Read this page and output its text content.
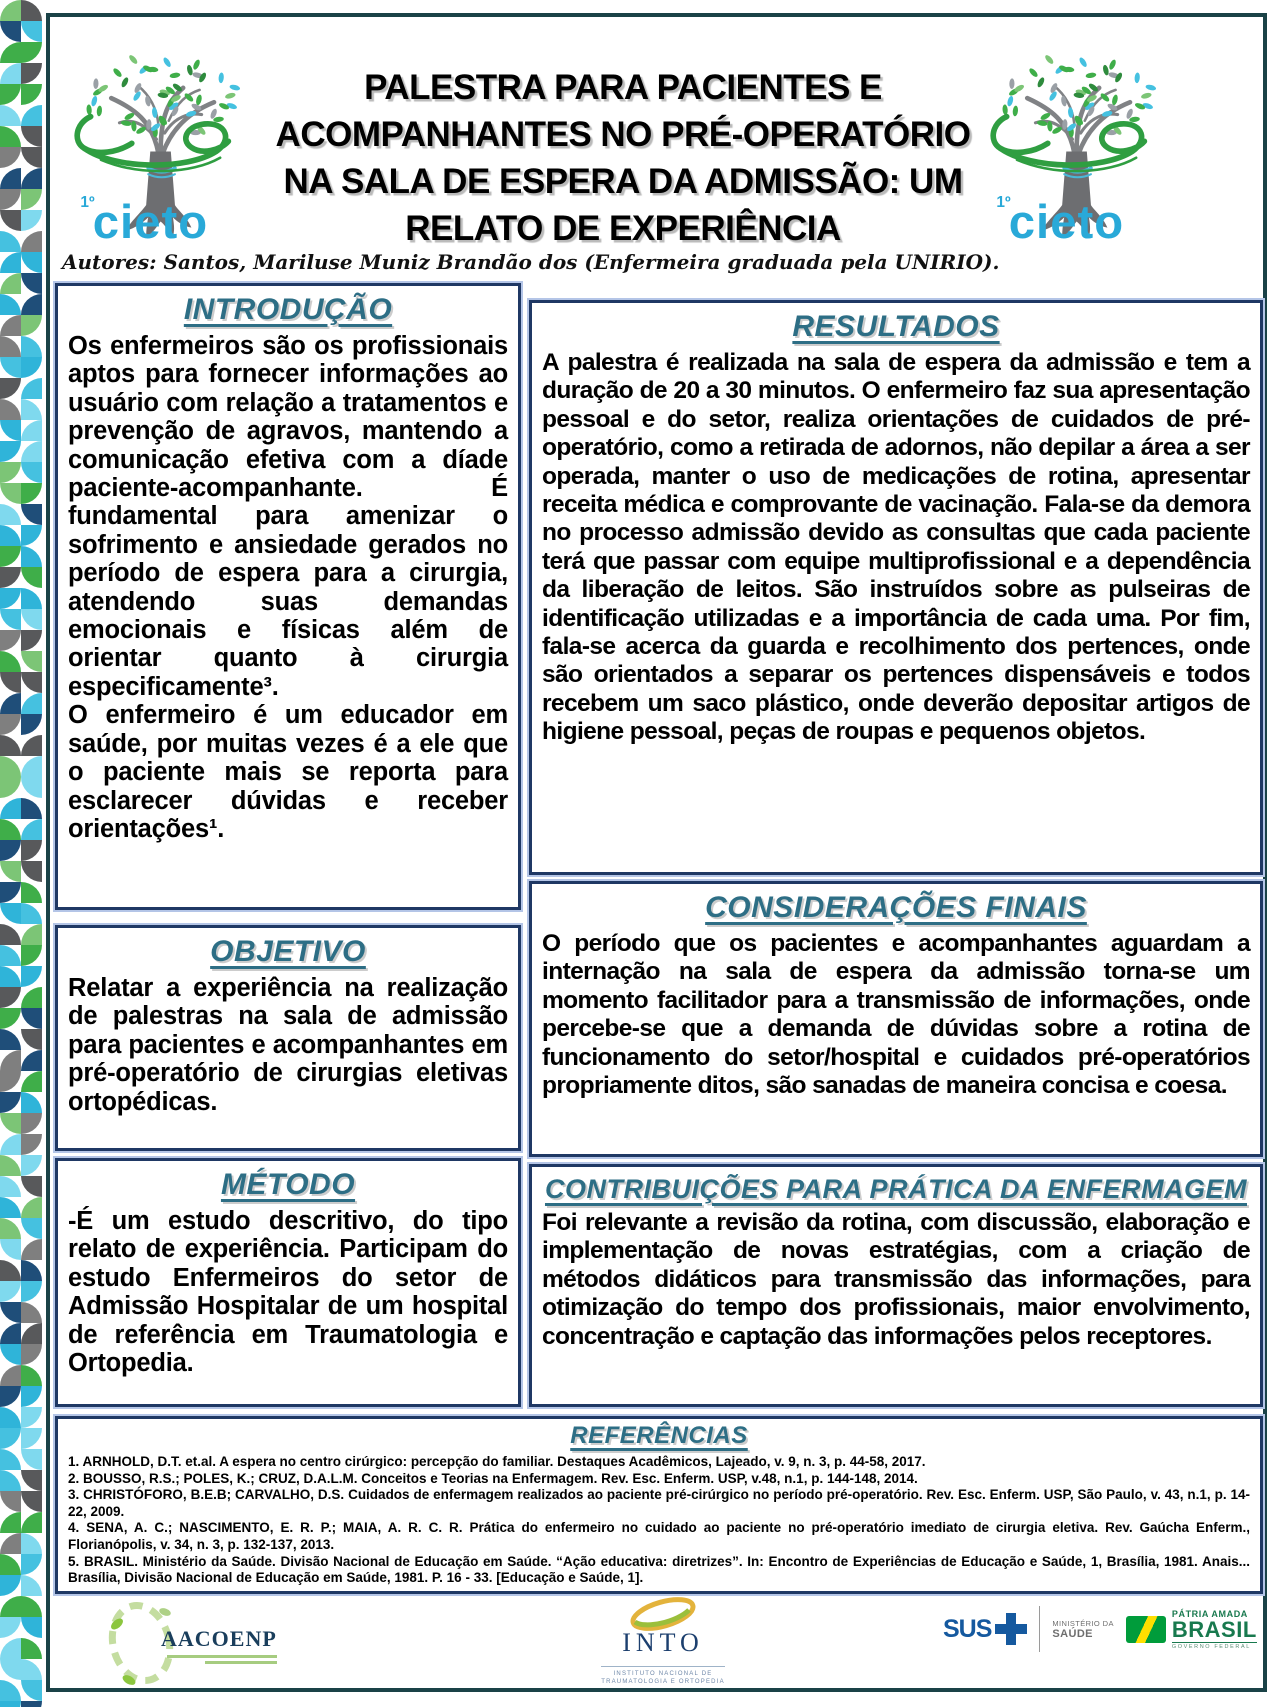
PALESTRA PARA PACIENTES E
ACOMPANHANTES NO PRÉ-OPERATÓRIO
NA SALA DE ESPERA DA ADMISSÃO: UM
RELATO DE EXPERIÊNCIA
Autores: Santos, Mariluse Muniz Brandão dos (Enfermeira graduada pela UNIRIO).
INTRODUÇÃO

Os enfermeiros são os profissionais aptos para fornecer informações ao usuário com relação a tratamentos e prevenção de agravos, mantendo a comunicação efetiva com a díade paciente-acompanhante. É fundamental para amenizar o sofrimento e ansiedade gerados no período de espera para a cirurgia, atendendo suas demandas emocionais e físicas além de orientar quanto à cirurgia especificamente³.

O enfermeiro é um educador em saúde, por muitas vezes é a ele que o paciente mais se reporta para esclarecer dúvidas e receber orientações¹.

OBJETIVO

Relatar a experiência na realização de palestras na sala de admissão para pacientes e acompanhantes em pré-operatório de cirurgias eletivas ortopédicas.

MÉTODO

-É um estudo descritivo, do tipo relato de experiência. Participam do estudo Enfermeiros do setor de Admissão Hospitalar de um hospital de referência em Traumatologia e Ortopedia.

RESULTADOS

A palestra é realizada na sala de espera da admissão e tem a duração de 20 a 30 minutos. O enfermeiro faz sua apresentação pessoal e do setor, realiza orientações de cuidados de pré-operatório, como a retirada de adornos, não depilar a área a ser operada, manter o uso de medicações de rotina, apresentar receita médica e comprovante de vacinação. Fala-se da demora no processo admissão devido as consultas que cada paciente terá que passar com equipe multiprofissional e a dependência da liberação de leitos. São instruídos sobre as pulseiras de identificação utilizadas e a importância de cada uma. Por fim, fala-se acerca da guarda e recolhimento dos pertences, onde são orientados a separar os pertences dispensáveis e todos recebem um saco plástico, onde deverão depositar artigos de higiene pessoal, peças de roupas e pequenos objetos.

CONSIDERAÇÕES FINAIS

O período que os pacientes e acompanhantes aguardam a internação na sala de espera da admissão torna-se um momento facilitador para a transmissão de informações, onde percebe-se que a demanda de dúvidas sobre a rotina de funcionamento do setor/hospital e cuidados pré-operatórios propriamente ditos, são sanadas de maneira concisa e coesa.

CONTRIBUIÇÕES PARA PRÁTICA DA ENFERMAGEM

Foi relevante a revisão da rotina, com discussão, elaboração e implementação de novas estratégias, com a criação de métodos didáticos para transmissão das informações, para otimização do tempo dos profissionais, maior envolvimento, concentração e captação das informações pelos receptores.

REFERÊNCIAS

1. ARNHOLD, D.T. et.al. A espera no centro cirúrgico: percepção do familiar. Destaques Acadêmicos, Lajeado, v. 9, n. 3, p. 44-58, 2017.

2. BOUSSO, R.S.; POLES, K.; CRUZ, D.A.L.M. Conceitos e Teorias na Enfermagem. Rev. Esc. Enferm. USP, v.48, n.1, p. 144-148, 2014.

3. CHRISTÓFORO, B.E.B; CARVALHO, D.S. Cuidados de enfermagem realizados ao paciente pré-cirúrgico no período pré-operatório. Rev. Esc. Enferm. USP, São Paulo, v. 43, n.1, p. 14-22, 2009.

4. SENA, A. C.; NASCIMENTO, E. R. P.; MAIA, A. R. C. R. Prática do enfermeiro no cuidado ao paciente no pré-operatório imediato de cirurgia eletiva. Rev. Gaúcha Enferm., Florianópolis, v. 34, n. 3, p. 132-137, 2013.

5. BRASIL. Ministério da Saúde. Divisão Nacional de Educação em Saúde. “Ação educativa: diretrizes”. In: Encontro de Experiências de Educação e Saúde, 1, Brasília, 1981. Anais... Brasília, Divisão Nacional de Educação em Saúde, 1981. P. 16 - 33. [Educação e Saúde, 1].

AACOENP	INTO
INSTITUTO NACIONAL DE
TRAUMATOLOGIA E ORTOPEDIA
SUS	MINISTÉRIO DA
SAÚDE
PÁTRIA AMADA
BRASIL
GOVERNO FEDERAL
